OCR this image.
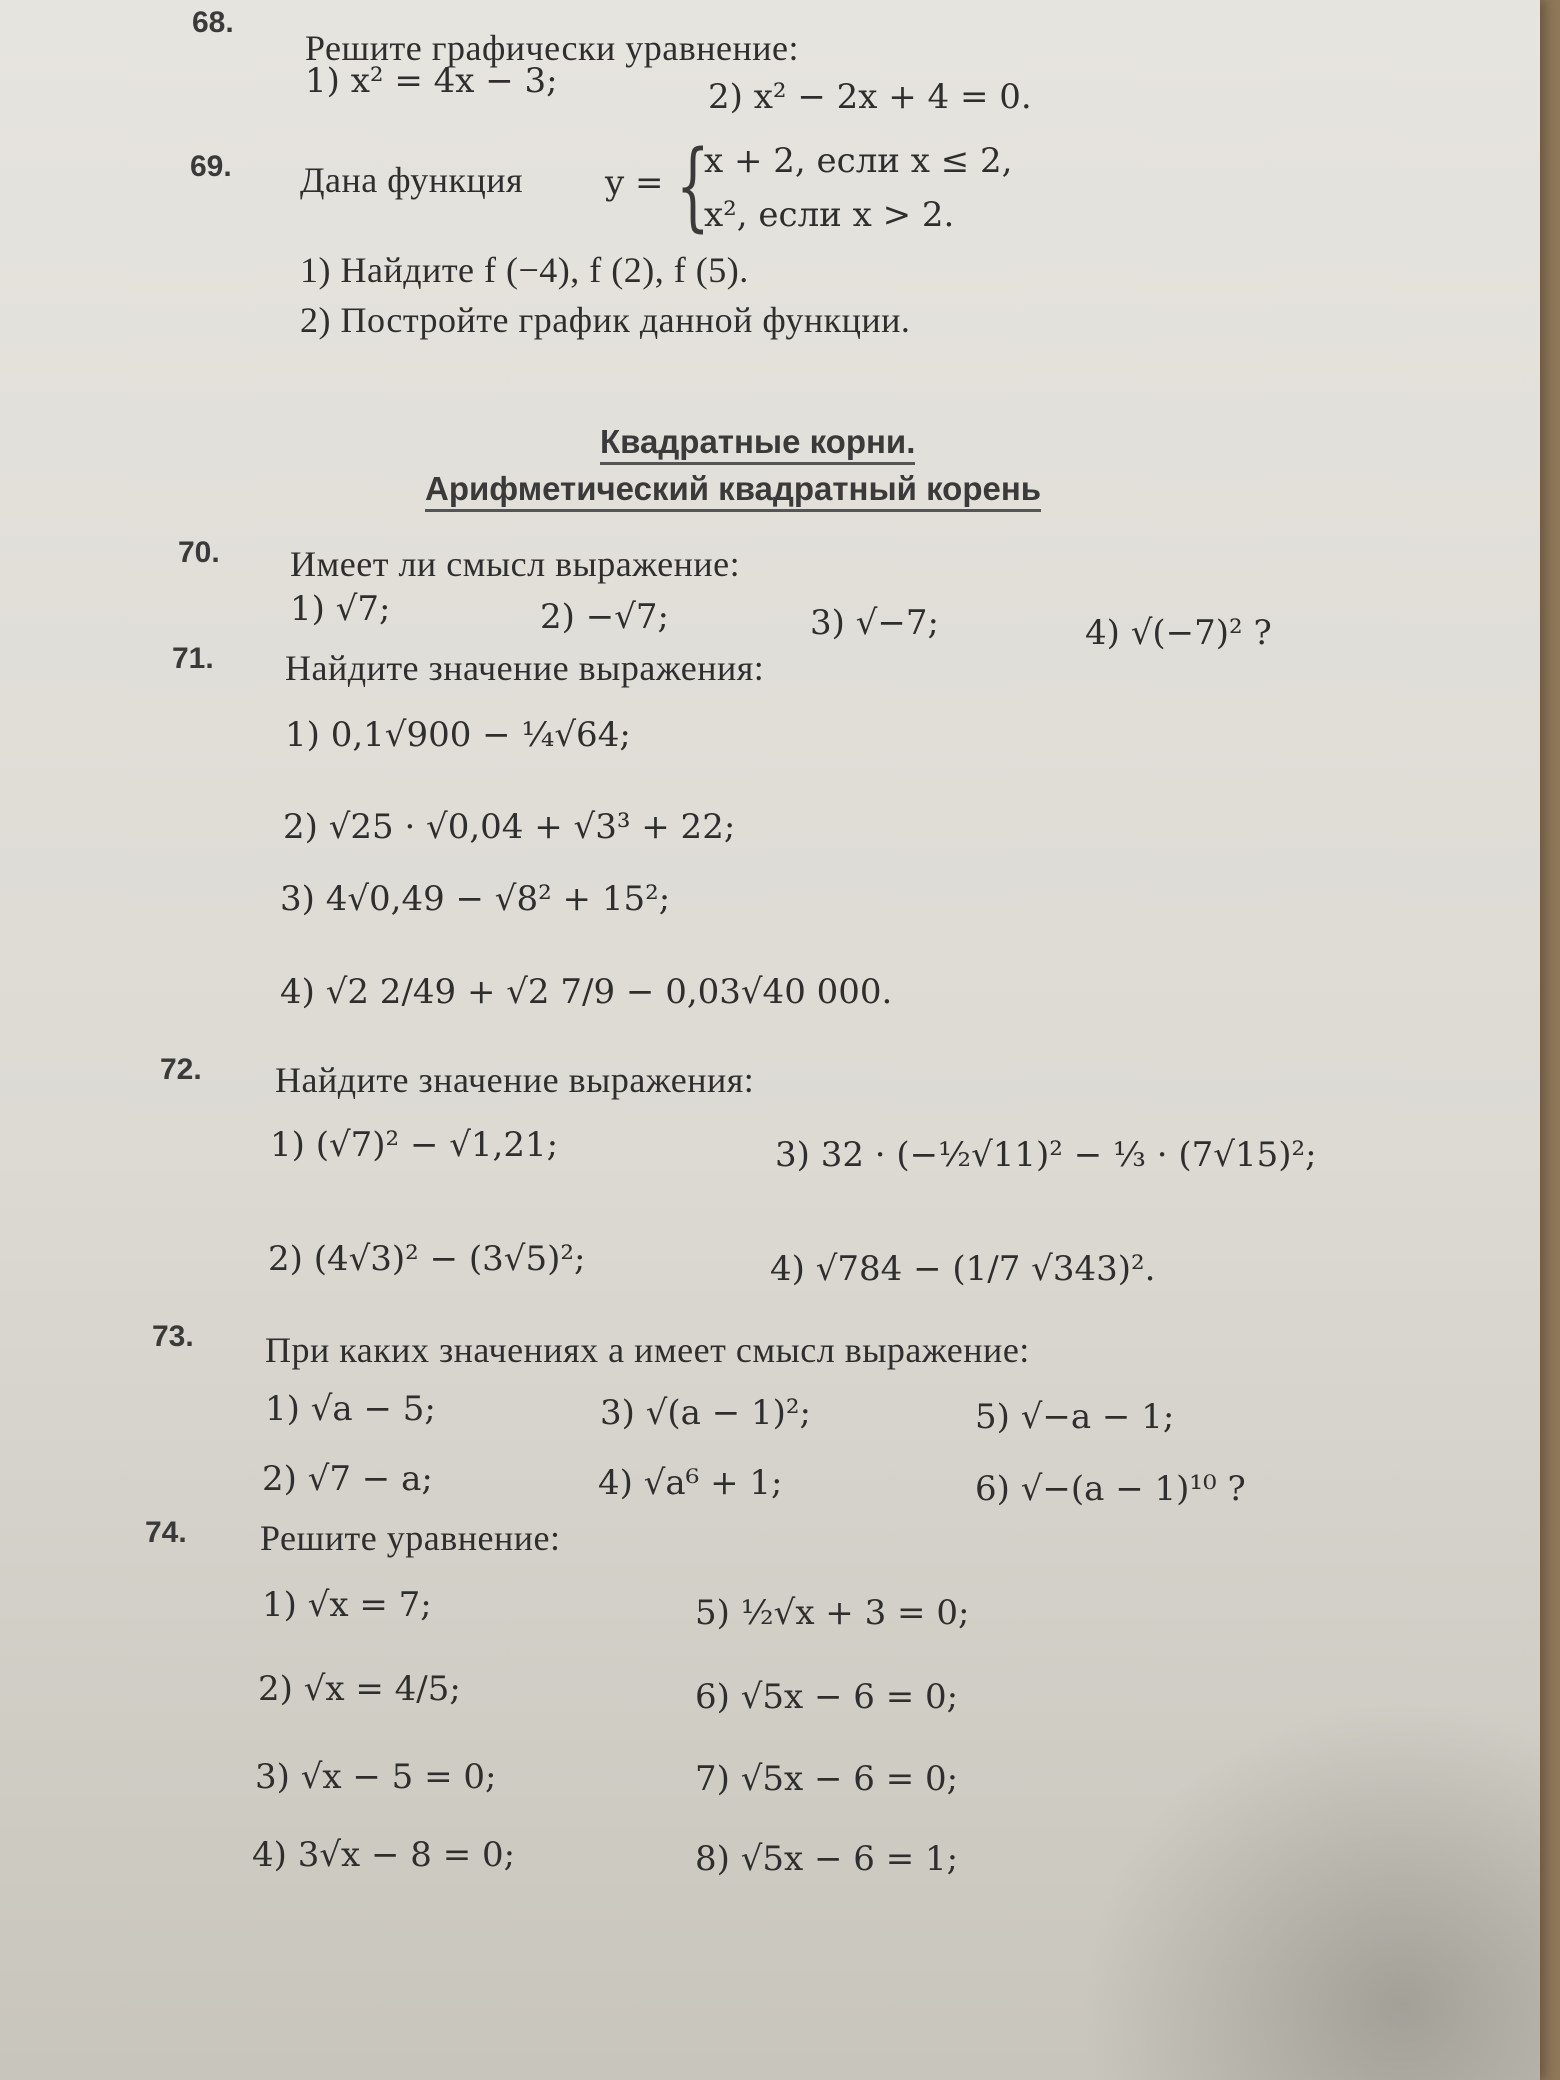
68.
Решите графически уравнение:
1) x² = 4x − 3;	2) x² − 2x + 4 = 0.
69. Дана функция y = {
x + 2, если x ≤ 2,
x², если x > 2.
1) Найдите f (−4), f (2), f (5).
2) Постройте график данной функции.
Квадратные корни.
Арифметический квадратный корень
70. Имеет ли смысл выражение:
1) √7;	2) −√7;	3) √−7;	4) √(−7)² ?
71. Найдите значение выражения:
1) 0,1√900 − ¼√64;
2) √25 · √0,04 + √3³ + 22;
3) 4√0,49 − √8² + 15²;
4) √2 2/49 + √2 7/9 − 0,03√40 000.
72. Найдите значение выражения:
1) (√7)² − √1,21;	3) 32 · (−½√11)² − ⅓ · (7√15)²;
2) (4√3)² − (3√5)²;	4) √784 − (1/7 √343)².
73. При каких значениях a имеет смысл выражение:
1) √a − 5;	3) √(a − 1)²;	5) √−a − 1;
2) √7 − a;	4) √a⁶ + 1;	6) √−(a − 1)¹⁰ ?
74. Решите уравнение:
1) √x = 7;	5) ½√x + 3 = 0;
2) √x = 4/5;	6) √5x − 6 = 0;
3) √x − 5 = 0;	7) √5x − 6 = 0;
4) 3√x − 8 = 0;	8) √5x − 6 = 1;
